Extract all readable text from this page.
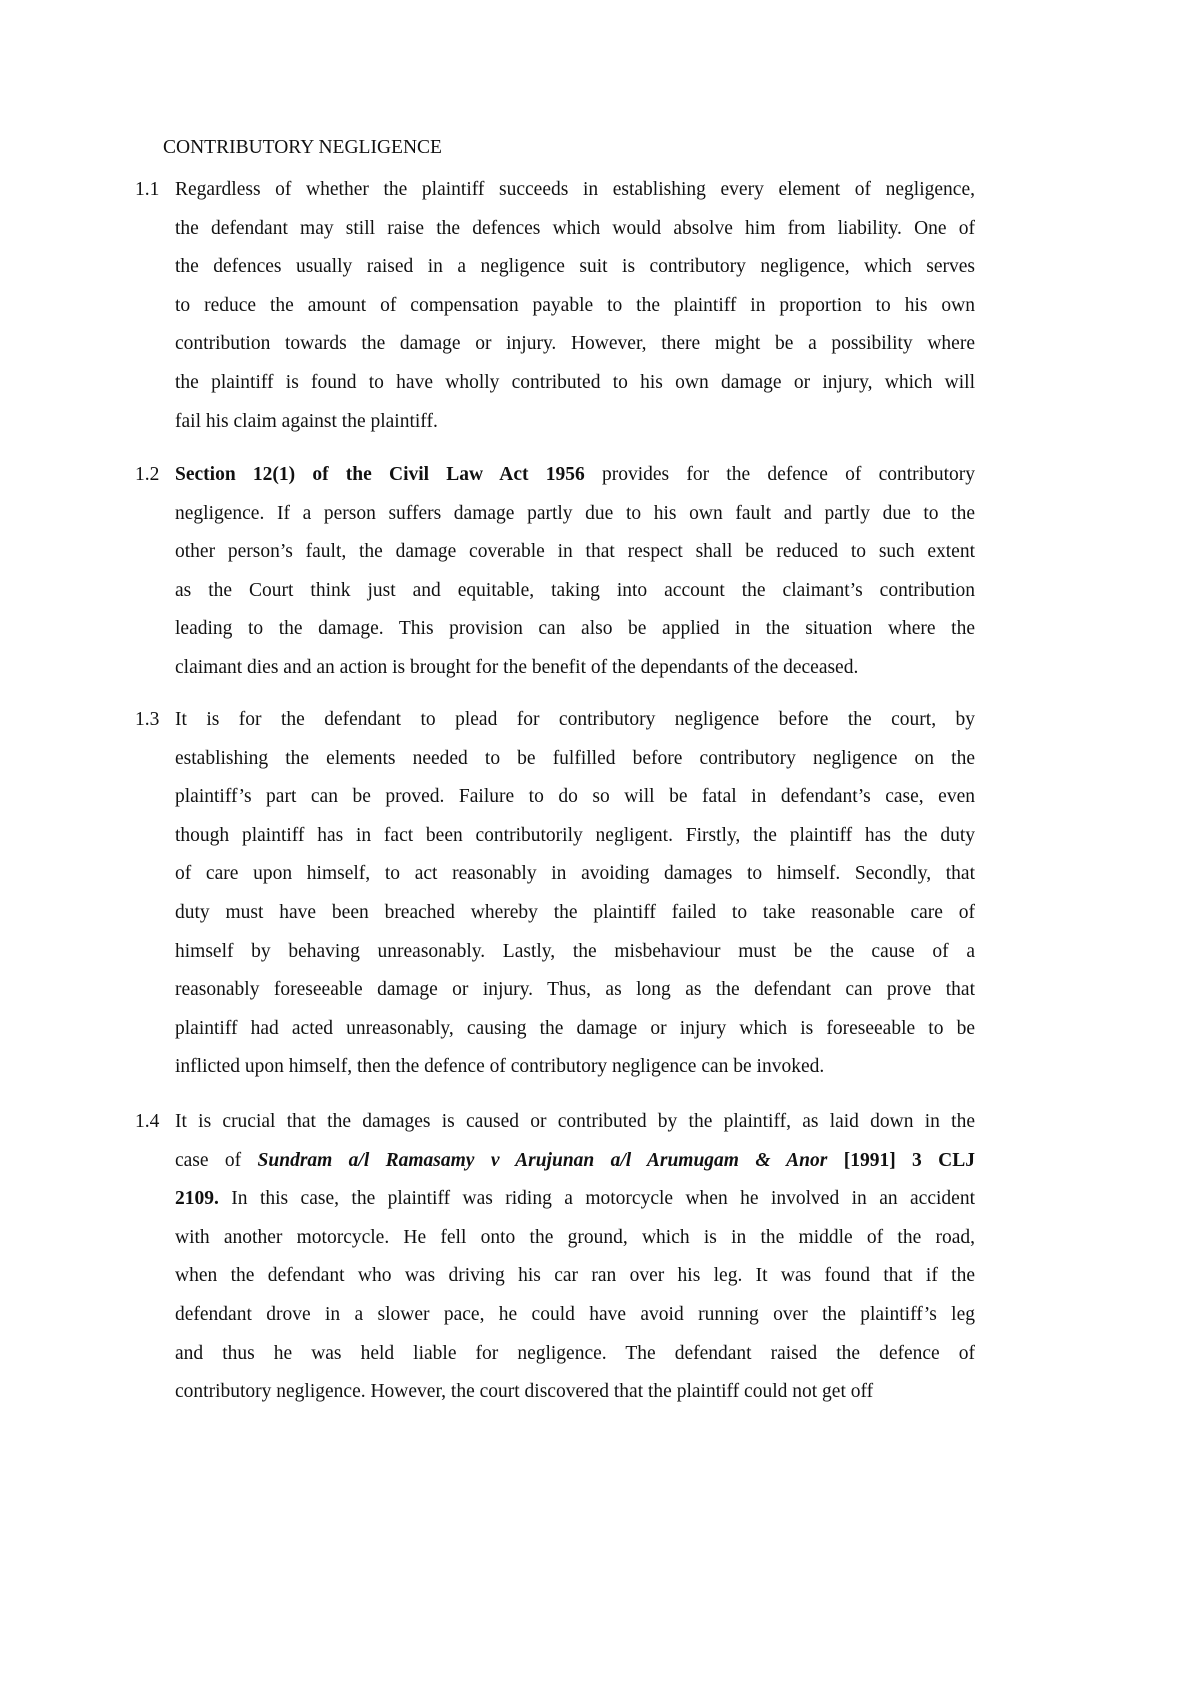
CONTRIBUTORY NEGLIGENCE
1.1 Regardless of whether the plaintiff succeeds in establishing every element of negligence,
the defendant may still raise the defences which would absolve him from liability. One of
the defences usually raised in a negligence suit is contributory negligence, which serves
to reduce the amount of compensation payable to the plaintiff in proportion to his own
contribution towards the damage or injury. However, there might be a possibility where
the plaintiff is found to have wholly contributed to his own damage or injury, which will
fail his claim against the plaintiff.
1.2 Section 12(1) of the Civil Law Act 1956 provides for the defence of contributory
negligence. If a person suffers damage partly due to his own fault and partly due to the
other person’s fault, the damage coverable in that respect shall be reduced to such extent
as the Court think just and equitable, taking into account the claimant’s contribution
leading to the damage. This provision can also be applied in the situation where the
claimant dies and an action is brought for the benefit of the dependants of the deceased.
1.3 It is for the defendant to plead for contributory negligence before the court, by
establishing the elements needed to be fulfilled before contributory negligence on the
plaintiff’s part can be proved. Failure to do so will be fatal in defendant’s case, even
though plaintiff has in fact been contributorily negligent. Firstly, the plaintiff has the duty
of care upon himself, to act reasonably in avoiding damages to himself. Secondly, that
duty must have been breached whereby the plaintiff failed to take reasonable care of
himself by behaving unreasonably. Lastly, the misbehaviour must be the cause of a
reasonably foreseeable damage or injury. Thus, as long as the defendant can prove that
plaintiff had acted unreasonably, causing the damage or injury which is foreseeable to be
inflicted upon himself, then the defence of contributory negligence can be invoked.
1.4 It is crucial that the damages is caused or contributed by the plaintiff, as laid down in the
case of Sundram a/l Ramasamy v Arujunan a/l Arumugam & Anor [1991] 3 CLJ
2109. In this case, the plaintiff was riding a motorcycle when he involved in an accident
with another motorcycle. He fell onto the ground, which is in the middle of the road,
when the defendant who was driving his car ran over his leg. It was found that if the
defendant drove in a slower pace, he could have avoid running over the plaintiff’s leg
and thus he was held liable for negligence. The defendant raised the defence of
contributory negligence. However, the court discovered that the plaintiff could not get off
